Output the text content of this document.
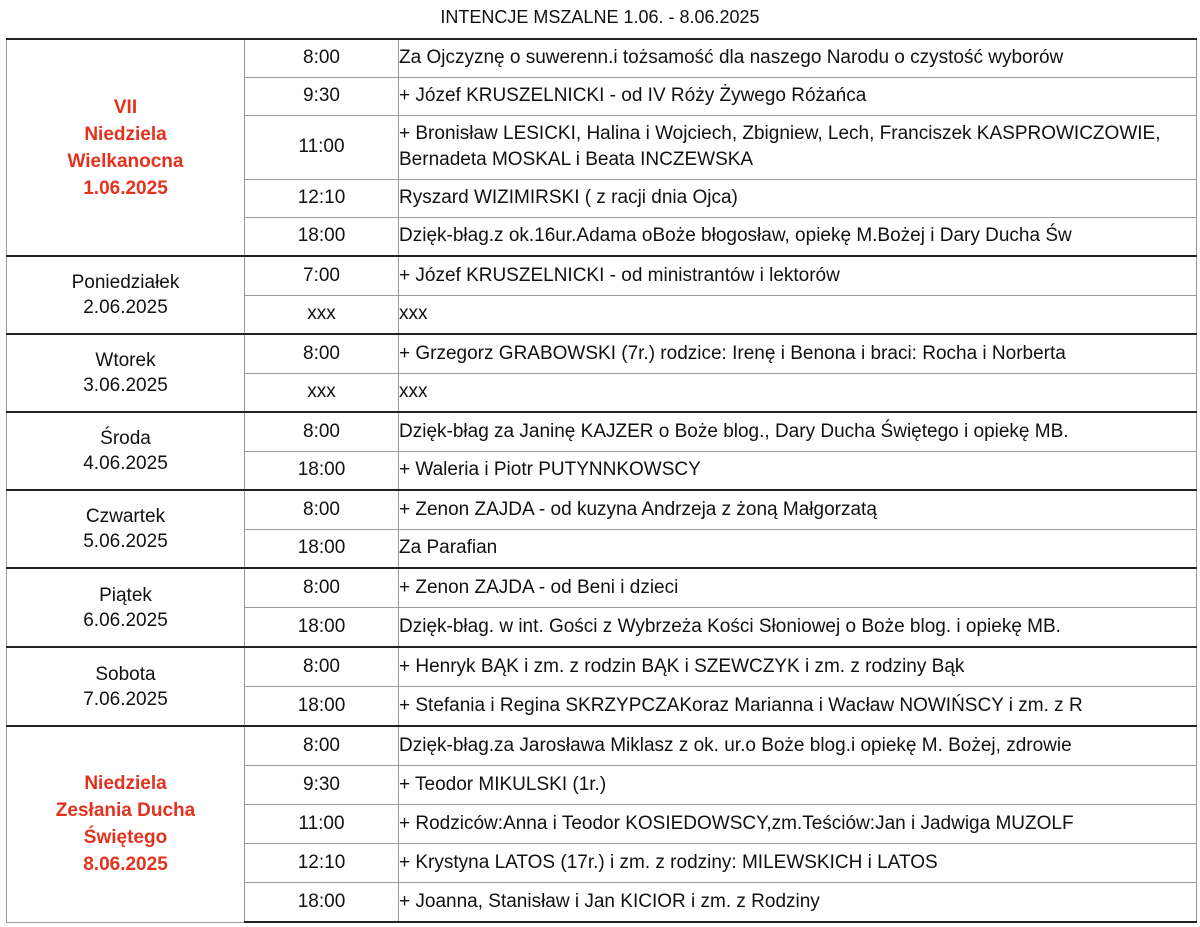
INTENCJE MSZALNE 1.06. - 8.06.2025
VII
Niedziela
Wielkanocna
1.06.2025	8:00	Za Ojczyznę o suwerenn.i tożsamość dla naszego Narodu o czystość wyborów
	9:30	+ Józef KRUSZELNICKI - od IV Róży Żywego Różańca
	11:00	+ Bronisław LESICKI, Halina i Wojciech, Zbigniew, Lech, Franciszek KASPROWICZOWIE, Bernadeta MOSKAL i Beata INCZEWSKA
	12:10	Ryszard WIZIMIRSKI ( z racji dnia Ojca)
	18:00	Dzięk-błag.z ok.16ur.Adama oBoże błogosław, opiekę M.Bożej i Dary Ducha Św

Poniedziałek
2.06.2025	7:00	+ Józef KRUSZELNICKI - od ministrantów i lektorów
	xxx	xxx

Wtorek
3.06.2025	8:00	+ Grzegorz GRABOWSKI (7r.) rodzice: Irenę i Benona i braci: Rocha i Norberta
	xxx	xxx

Środa
4.06.2025	8:00	Dzięk-błag za Janinę KAJZER o Boże blog., Dary Ducha Świętego i opiekę MB.
	18:00	+ Waleria i Piotr PUTYNNKOWSCY

Czwartek
5.06.2025	8:00	+ Zenon ZAJDA - od kuzyna Andrzeja z żoną Małgorzatą
	18:00	Za Parafian

Piątek
6.06.2025	8:00	+ Zenon ZAJDA - od Beni i dzieci
	18:00	Dzięk-błag. w int. Gości z Wybrzeża Kości Słoniowej o Boże blog. i opiekę MB.

Sobota
7.06.2025	8:00	+ Henryk BĄK i zm. z rodzin BĄK i SZEWCZYK i zm. z rodziny Bąk
	18:00	+ Stefania i Regina SKRZYPCZAKoraz Marianna i Wacław NOWIŃSCY i zm. z R

Niedziela
Zesłania Ducha
Świętego
8.06.2025	8:00	Dzięk-błag.za Jarosława Miklasz z ok. ur.o Boże blog.i opiekę M. Bożej, zdrowie
	9:30	+ Teodor MIKULSKI (1r.)
	11:00	+ Rodziców:Anna i Teodor KOSIEDOWSCY,zm.Teściów:Jan i Jadwiga MUZOLF
	12:10	+ Krystyna LATOS (17r.) i zm. z rodziny: MILEWSKICH i LATOS
	18:00	+ Joanna, Stanisław i Jan KICIOR i zm. z Rodziny
